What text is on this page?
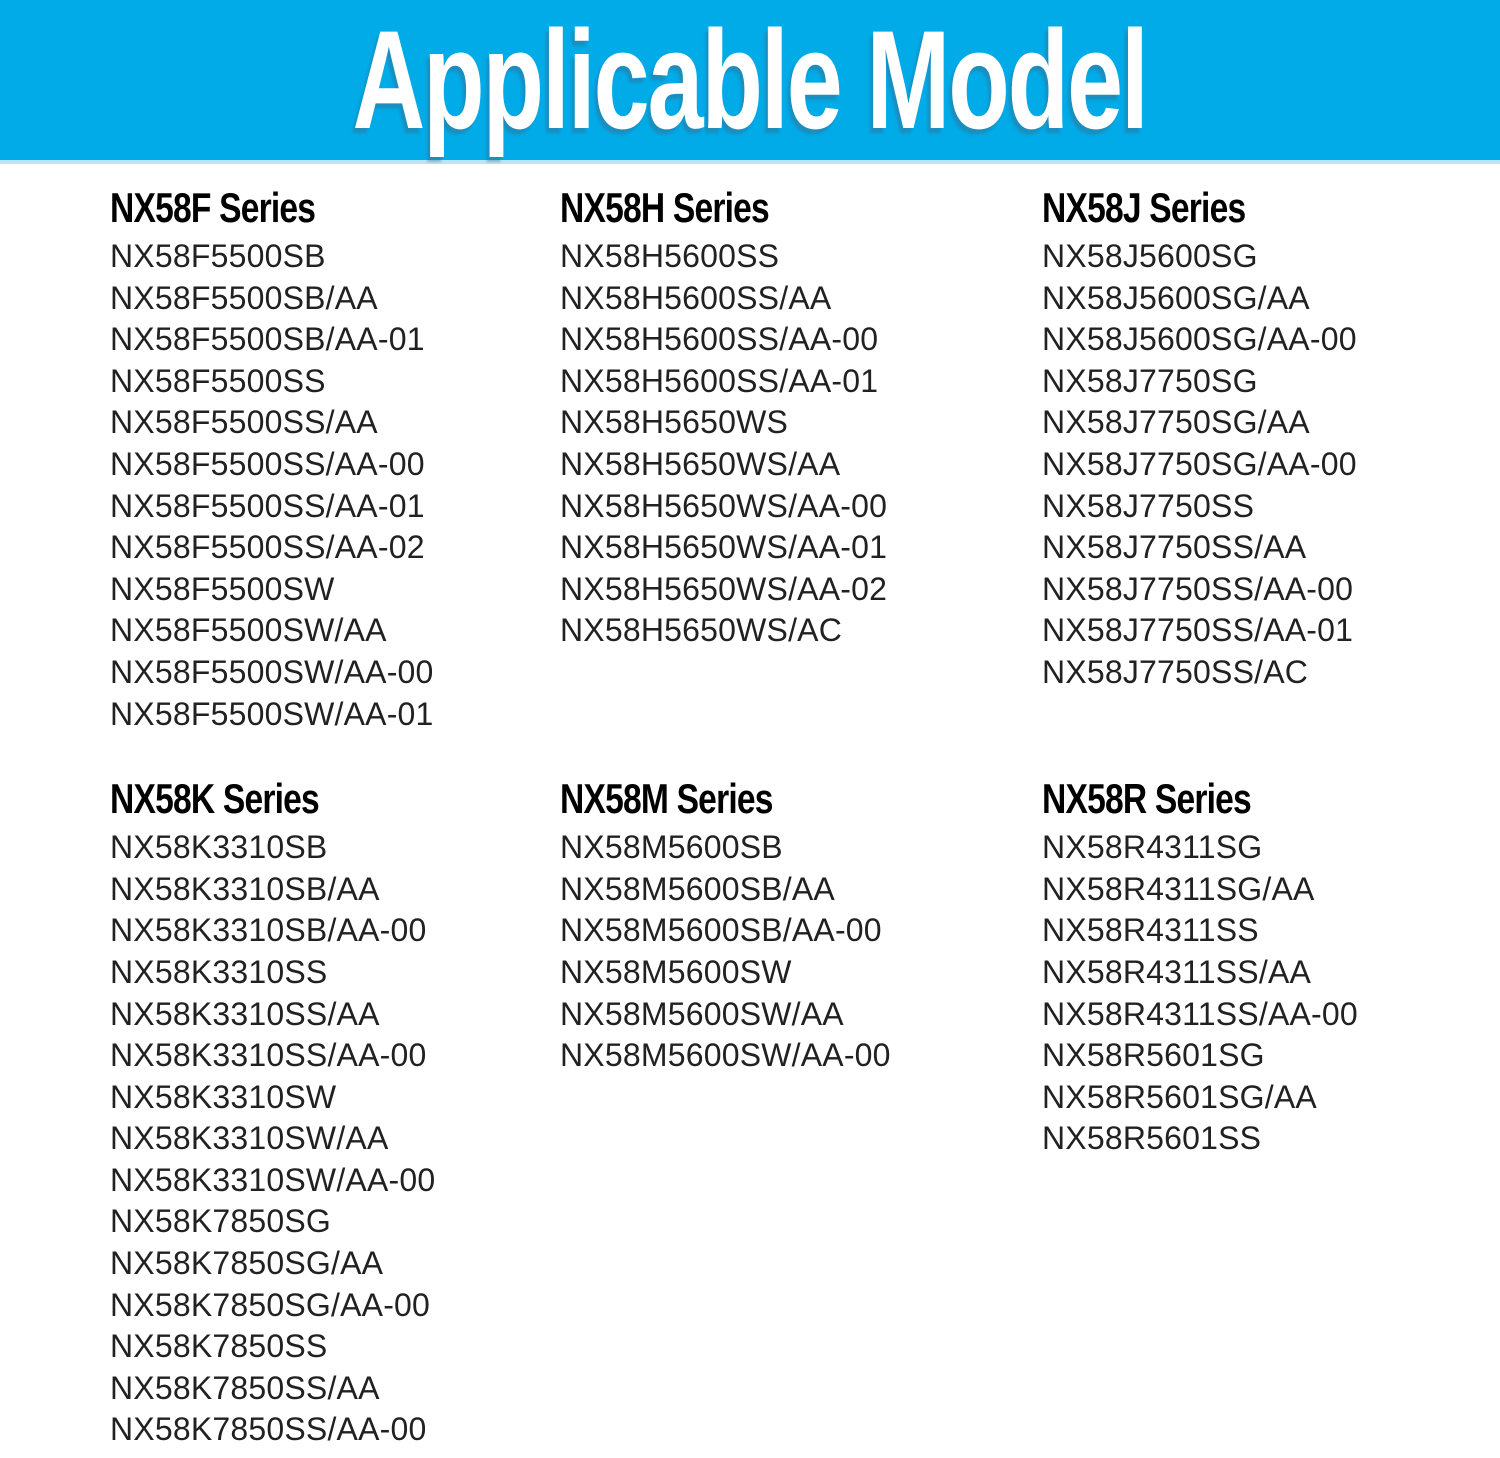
Applicable Model
NX58F Series
NX58F5500SB
NX58F5500SB/AA
NX58F5500SB/AA-01
NX58F5500SS
NX58F5500SS/AA
NX58F5500SS/AA-00
NX58F5500SS/AA-01
NX58F5500SS/AA-02
NX58F5500SW
NX58F5500SW/AA
NX58F5500SW/AA-00
NX58F5500SW/AA-01
NX58H Series
NX58H5600SS
NX58H5600SS/AA
NX58H5600SS/AA-00
NX58H5600SS/AA-01
NX58H5650WS
NX58H5650WS/AA
NX58H5650WS/AA-00
NX58H5650WS/AA-01
NX58H5650WS/AA-02
NX58H5650WS/AC
NX58J Series
NX58J5600SG
NX58J5600SG/AA
NX58J5600SG/AA-00
NX58J7750SG
NX58J7750SG/AA
NX58J7750SG/AA-00
NX58J7750SS
NX58J7750SS/AA
NX58J7750SS/AA-00
NX58J7750SS/AA-01
NX58J7750SS/AC
NX58K Series
NX58K3310SB
NX58K3310SB/AA
NX58K3310SB/AA-00
NX58K3310SS
NX58K3310SS/AA
NX58K3310SS/AA-00
NX58K3310SW
NX58K3310SW/AA
NX58K3310SW/AA-00
NX58K7850SG
NX58K7850SG/AA
NX58K7850SG/AA-00
NX58K7850SS
NX58K7850SS/AA
NX58K7850SS/AA-00
NX58M Series
NX58M5600SB
NX58M5600SB/AA
NX58M5600SB/AA-00
NX58M5600SW
NX58M5600SW/AA
NX58M5600SW/AA-00
NX58R Series
NX58R4311SG
NX58R4311SG/AA
NX58R4311SS
NX58R4311SS/AA
NX58R4311SS/AA-00
NX58R5601SG
NX58R5601SG/AA
NX58R5601SS
